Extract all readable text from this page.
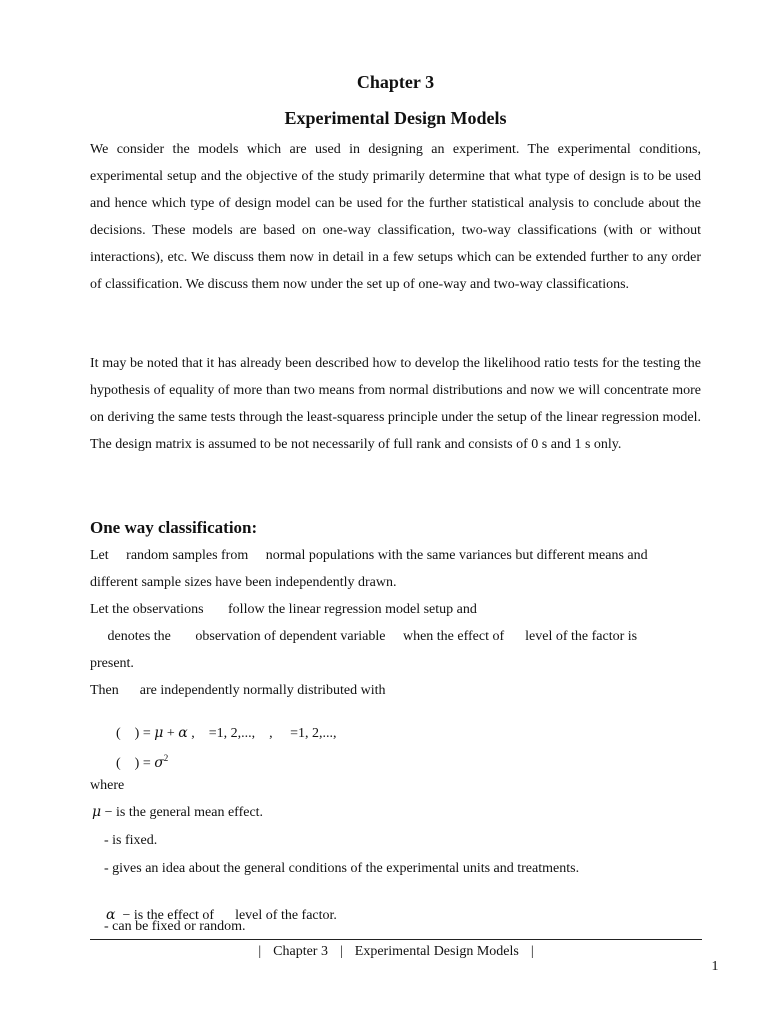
Chapter 3

Experimental Design Models

We consider the models which are used in designing an experiment. The experimental conditions, experimental setup and the objective of the study primarily determine that what type of design is to be used and hence which type of design model can be used for the further statistical analysis to conclude about the decisions. These models are based on one-way classification, two-way classifications (with or without interactions), etc. We discuss them now in detail in a few setups which can be extended further to any order of classification. We discuss them now under the set up of one-way and two-way classifications.

It may be noted that it has already been described how to develop the likelihood ratio tests for the testing the hypothesis of equality of more than two means from normal distributions and now we will concentrate more on deriving the same tests through the least-squaress principle under the setup of the linear regression model. The design matrix is assumed to be not necessarily of full rank and consists of 0 s and 1 s only.

One way classification:

Let     random samples from     normal populations with the same variances but different means and

different sample sizes have been independently drawn.

Let the observations       follow the linear regression model setup and

denotes the       observation of dependent variable     when the effect of      level of the factor is

present.

Then      are independently normally distributed with

(    ) = μ + α ,    =1, 2,...,    ,     =1, 2,...,

(    ) = $\sigma^2$

where

μ − is the general mean effect.

- is fixed.

- gives an idea about the general conditions of the experimental units and treatments.

α  − is the effect of      level of the factor.

- can be fixed or random.

| Chapter 3 | Experimental Design Models |

1
